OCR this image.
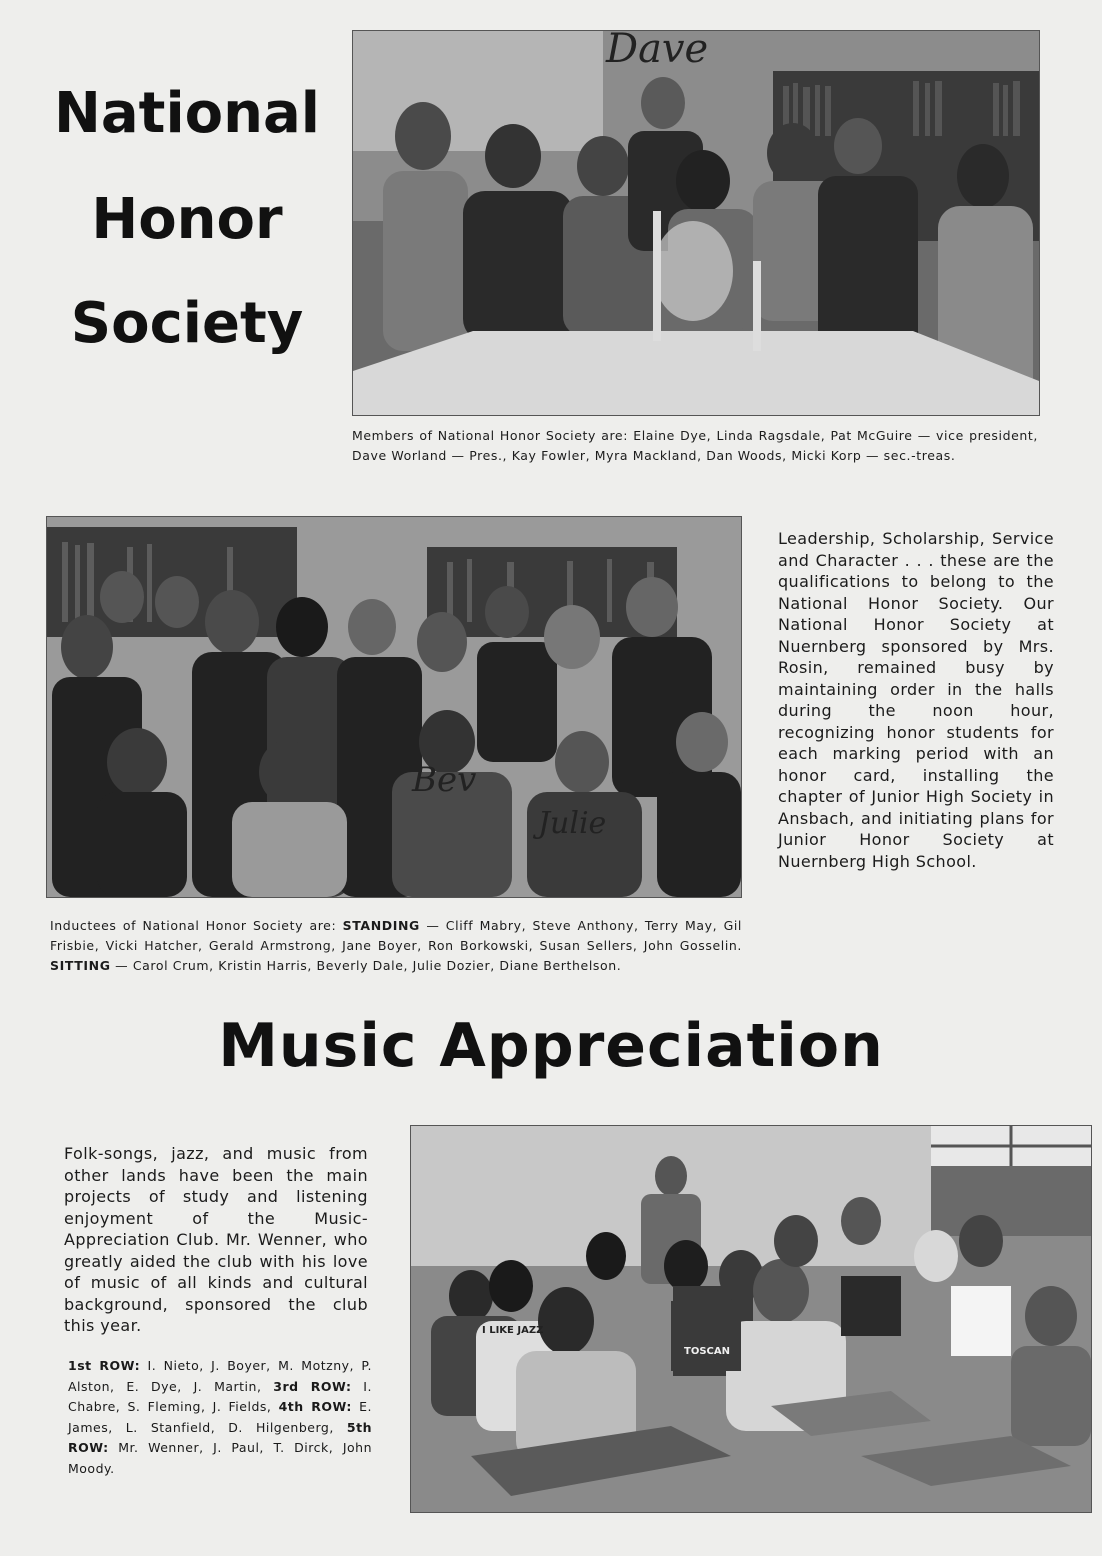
National
Honor
Society
Dave

Members of National Honor Society are: Elaine Dye, Linda Ragsdale, Pat McGuire — vice president, Dave Worland — Pres., Kay Fowler, Myra Mackland, Dan Woods, Micki Korp — sec.-treas.

Bev
Julie

Leadership, Scholarship, Service and Character . . . these are the qualifications to belong to the National Honor Society. Our National Honor Society at Nuernberg sponsored by Mrs. Rosin, remained busy by maintaining order in the halls during the noon hour, recognizing honor students for each marking period with an honor card, installing the chapter of Junior High Society in Ansbach, and initiating plans for Junior Honor Society at Nuernberg High School.

Inductees of National Honor Society are: STANDING — Cliff Mabry, Steve Anthony, Terry May, Gil Frisbie, Vicki Hatcher, Gerald Armstrong, Jane Boyer, Ron Borkowski, Susan Sellers, John Gosselin. SITTING — Carol Crum, Kristin Harris, Beverly Dale, Julie Dozier, Diane Berthelson.

Music Appreciation

Folk-songs, jazz, and music from other lands have been the main projects of study and listening enjoyment of the Music-Appreciation Club. Mr. Wenner, who greatly aided the club with his love of music of all kinds and cultural background, sponsored the club this year.

1st ROW: I. Nieto, J. Boyer, M. Motzny, P. Alston, E. Dye, J. Martin, 3rd ROW: I. Chabre, S. Fleming, J. Fields, 4th ROW: E. James, L. Stanfield, D. Hilgenberg, 5th ROW: Mr. Wenner, J. Paul, T. Dirck, John Moody.

I LIKE JAZZ
TOSCAN
